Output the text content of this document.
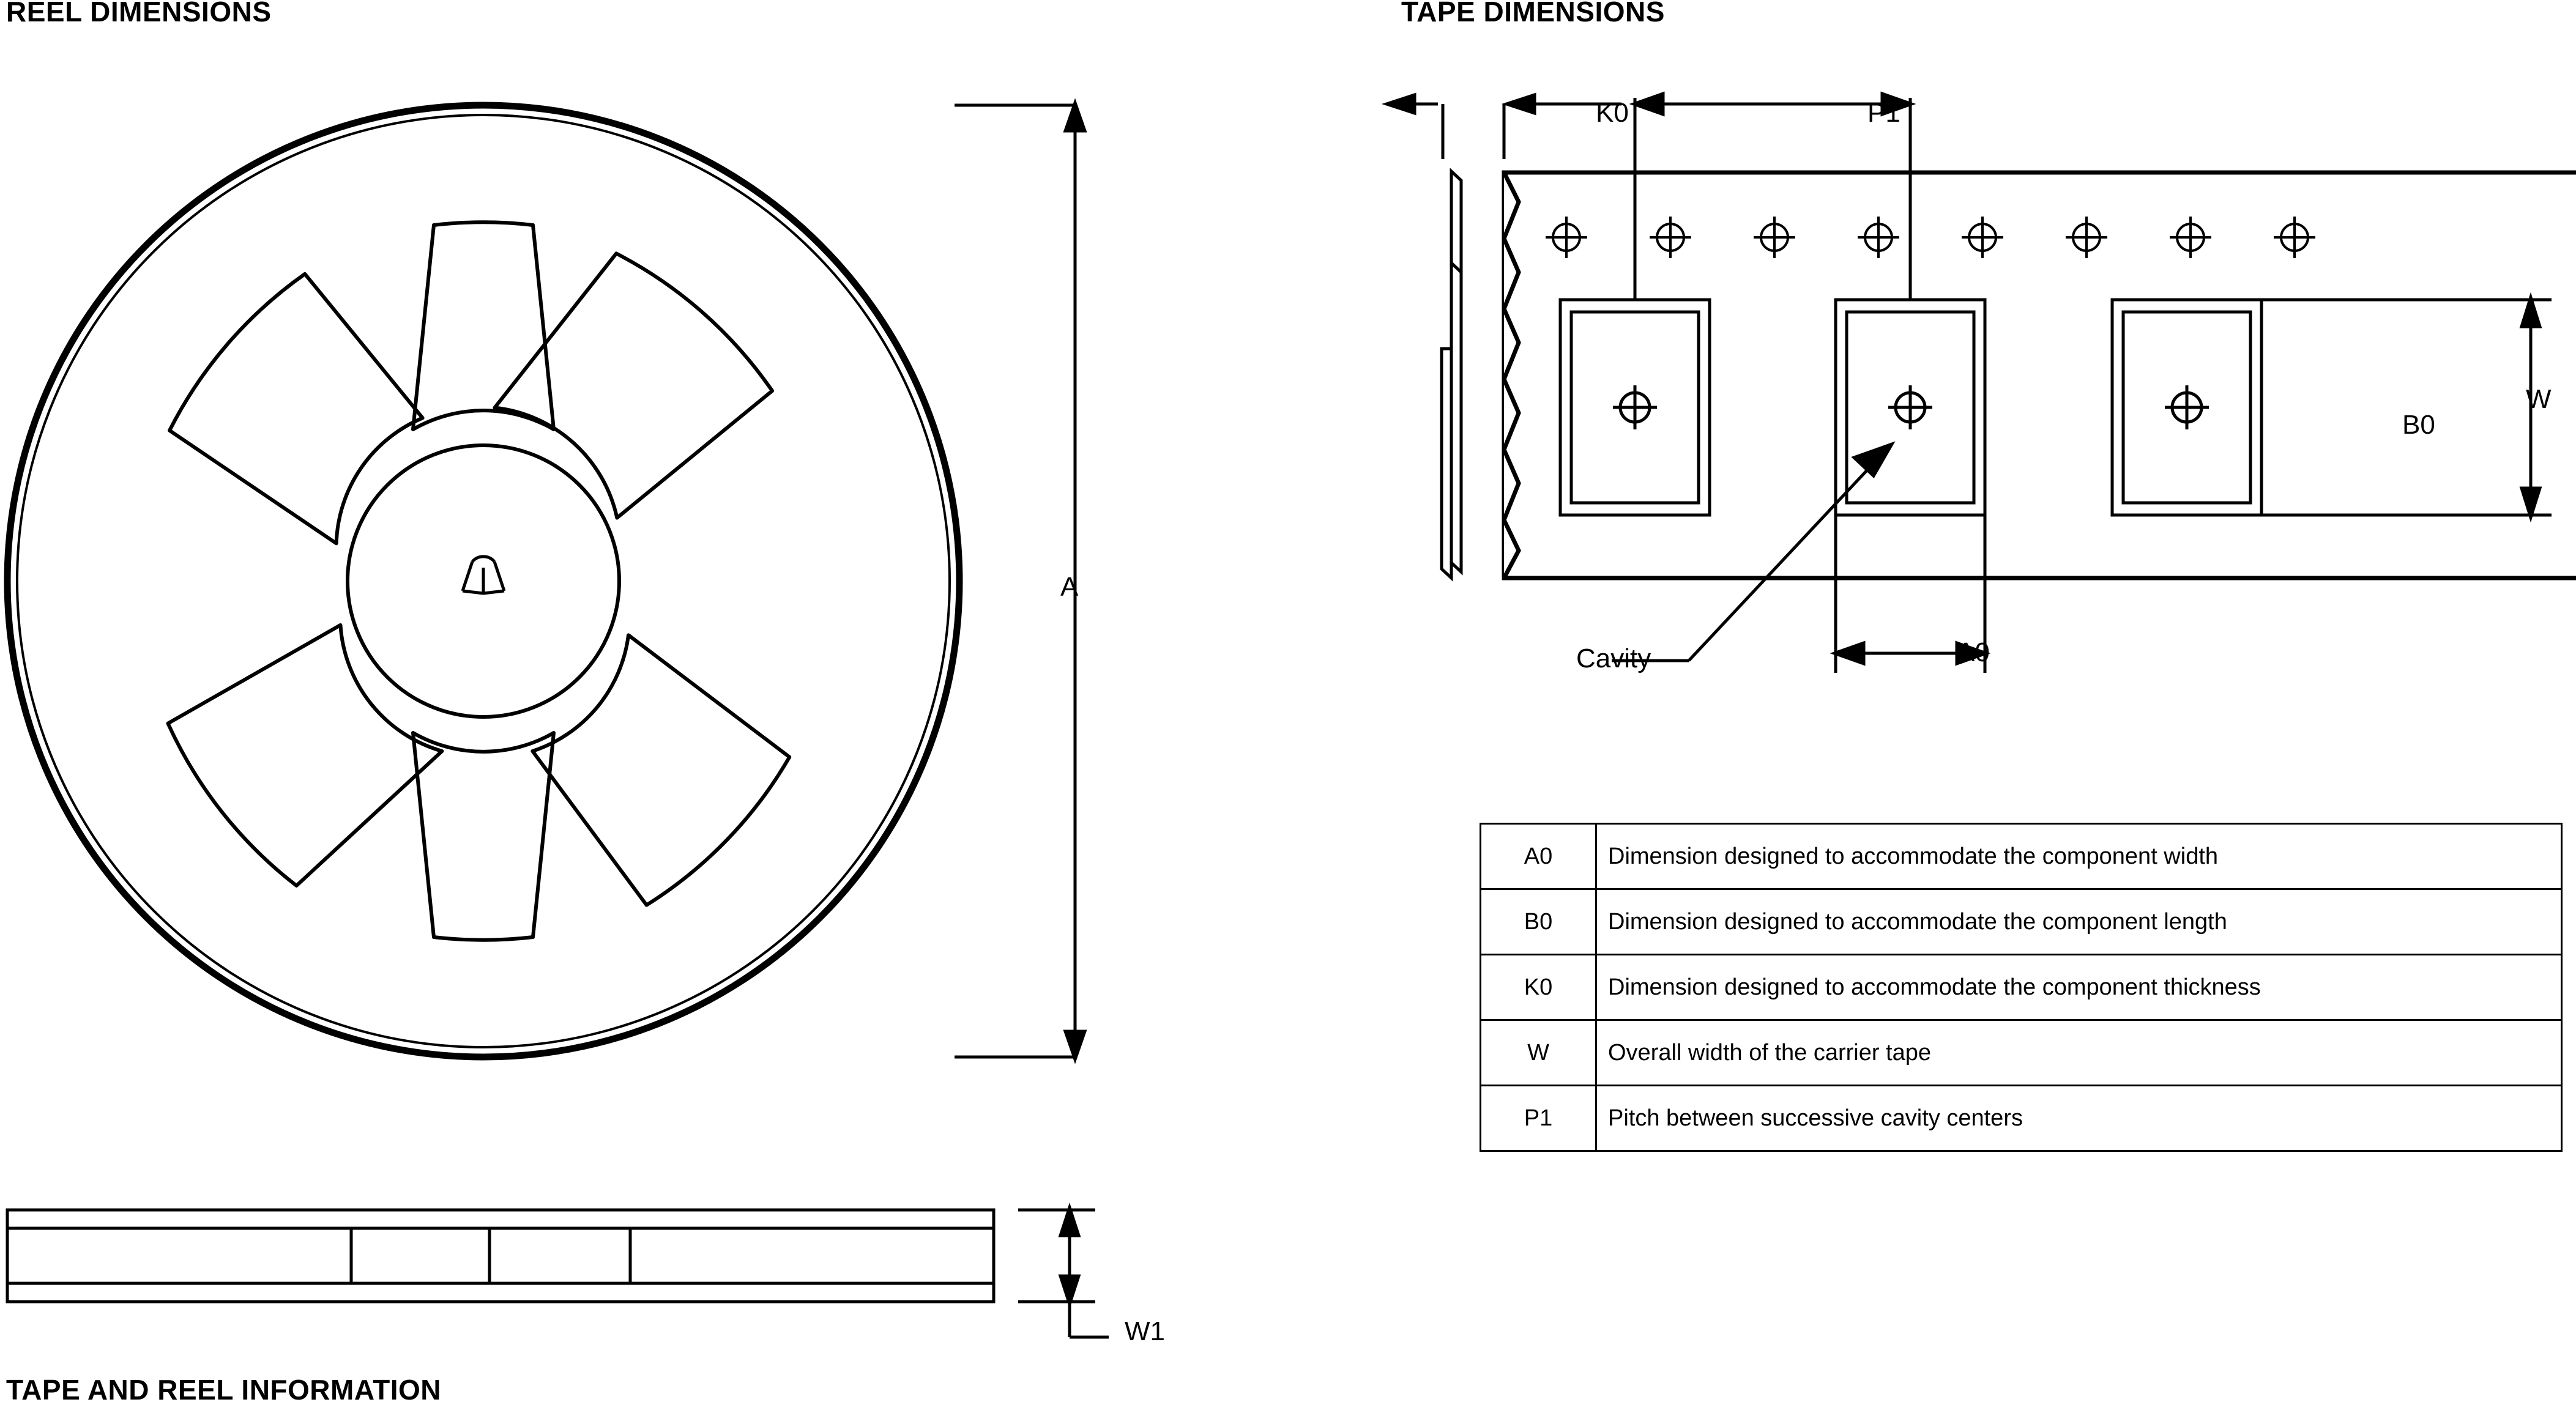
REEL DIMENSIONS	TAPE DIMENSIONS
TAPE AND REEL INFORMATION
A
W1
K0	P1
W
B0
A0
Cavity
A0	Dimension designed to accommodate the component width
B0	Dimension designed to accommodate the component length
K0	Dimension designed to accommodate the component thickness
W	Overall width of the carrier tape
P1	Pitch between successive cavity centers
